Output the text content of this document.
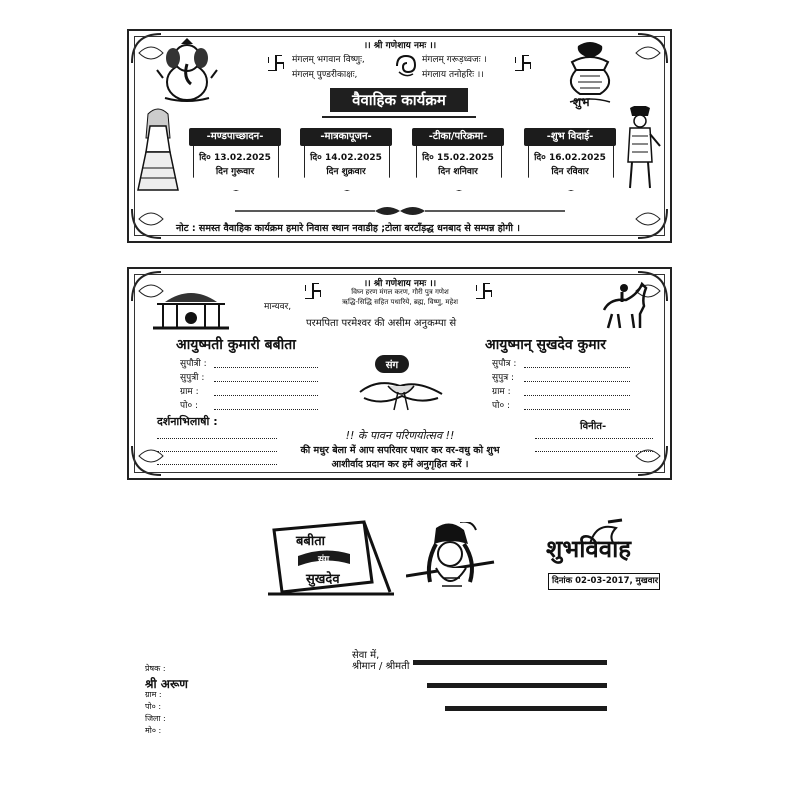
।। श्री गणेशाय नमः ।।
मंगलम् भगवान विष्णुः,	मंगलम् गरूड़ध्वजः ।
मंगलम् पुण्डरीकाक्षः,	मंगलाय तनोहरिः ।।
शुभ
वैवाहिक कार्यक्रम
-मण्डपाच्छादन-
दि० 13.02.2025
दिन गुरूवार
-मात्रकापूजन-
दि० 14.02.2025
दिन शुक्रवार
-टीका/परिक्रमा-
दि० 15.02.2025
दिन शनिवार
-शुभ विदाई-
दि० 16.02.2025
दिन रविवार
नोट : समस्त वैवाहिक कार्यक्रम हमारे निवास स्थान नवाडीह ;टोला बरटाँड़द्ध धनबाद से सम्पन्न होगी ।
।। श्री गणेशाय नमः ।।
विघ्न हरण मंगल करण, गौरी पुत्र गणेश
ऋद्धि-सिद्धि सहित पधारिये, ब्रह्म, विष्णु, महेश
मान्यवर,
परमपिता परमेश्वर की असीम अनुकम्पा से
आयुष्मती कुमारी बबीता	आयुष्मान् सुखदेव कुमार
सुपौत्री :
सुपुत्री :
ग्राम :
पो० :
सुपौत्र :
सुपुत्र :
ग्राम :
पो० :
संग
दर्शनाभिलाषी :	विनीत-
!! के पावन परिणयोत्सव !!
की मधुर बेला में आप सपरिवार पधार कर वर-वधु को शुभ
आशीर्वाद प्रदान कर हमें अनुगृहित करें ।
बबीता
संग
सुखदेव
शुभविवाह
दिनांक 02-03-2017, मुखवार
सेवा में,
श्रीमान / श्रीमती
प्रेषक :
श्री अरूण
ग्राम :
पो० :
जिला :
मो० :
